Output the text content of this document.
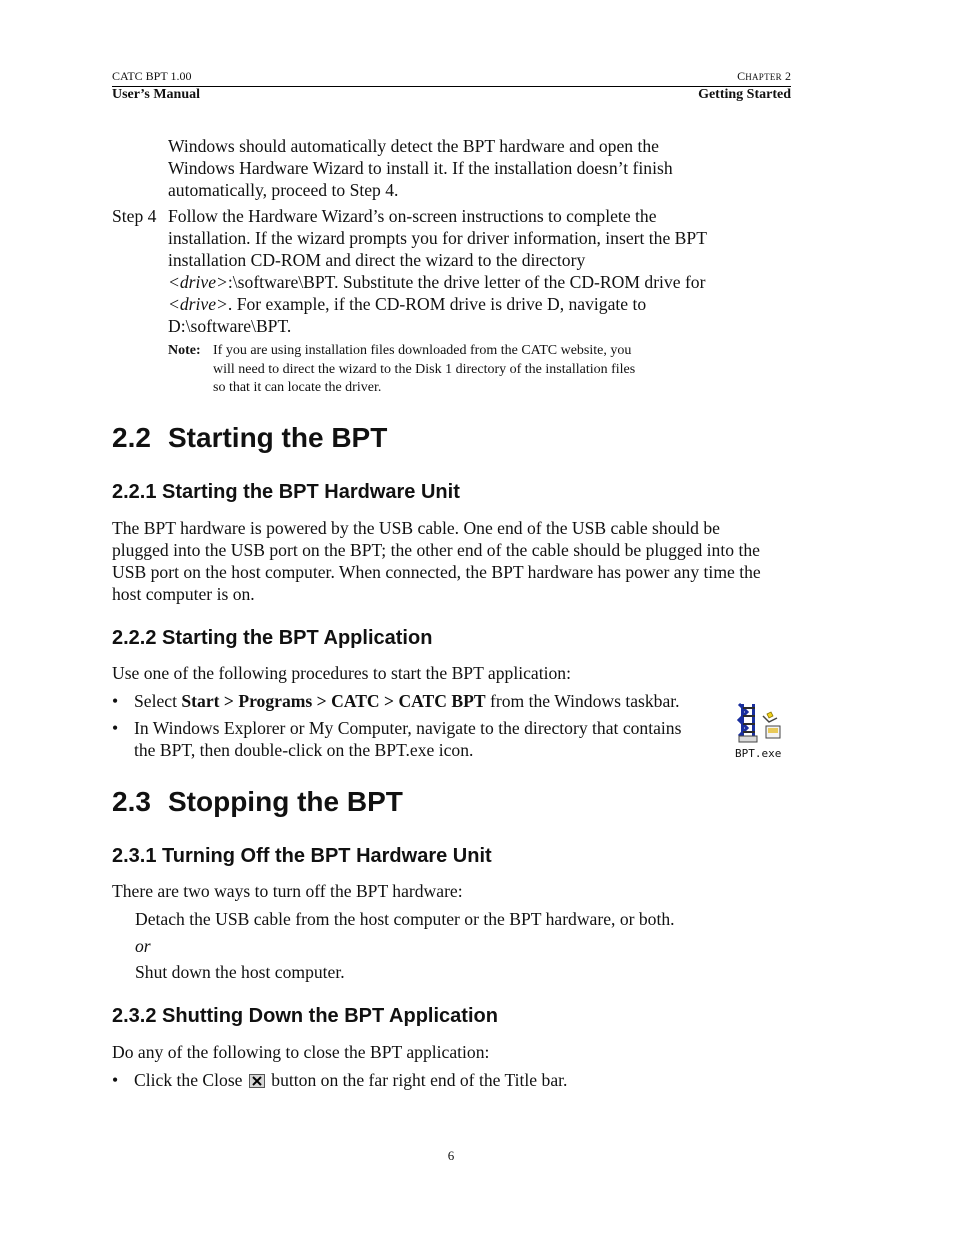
CATC BPT 1.00	CHAPTER 2
User’s Manual	Getting Started
Windows should automatically detect the BPT hardware and open the
Windows Hardware Wizard to install it. If the installation doesn’t finish
automatically, proceed to Step 4.
Step 4 Follow the Hardware Wizard’s on-screen instructions to complete the
installation. If the wizard prompts you for driver information, insert the BPT
installation CD-ROM and direct the wizard to the directory
<drive>:\software\BPT. Substitute the drive letter of the CD-ROM drive for
<drive>. For example, if the CD-ROM drive is drive D, navigate to
D:\software\BPT.
Note: If you are using installation files downloaded from the CATC website, you
will need to direct the wizard to the Disk 1 directory of the installation files
so that it can locate the driver.
2.2 Starting the BPT
2.2.1 Starting the BPT Hardware Unit
The BPT hardware is powered by the USB cable. One end of the USB cable should be
plugged into the USB port on the BPT; the other end of the cable should be plugged into the
USB port on the host computer. When connected, the BPT hardware has power any time the
host computer is on.
2.2.2 Starting the BPT Application
Use one of the following procedures to start the BPT application:
• Select Start > Programs > CATC > CATC BPT from the Windows taskbar.
• In Windows Explorer or My Computer, navigate to the directory that contains
the BPT, then double-click on the BPT.exe icon.	BPT.exe
2.3 Stopping the BPT
2.3.1 Turning Off the BPT Hardware Unit
There are two ways to turn off the BPT hardware:
Detach the USB cable from the host computer or the BPT hardware, or both.
or
Shut down the host computer.
2.3.2 Shutting Down the BPT Application
Do any of the following to close the BPT application:
• Click the Close
button on the far right end of the Title bar.
6
